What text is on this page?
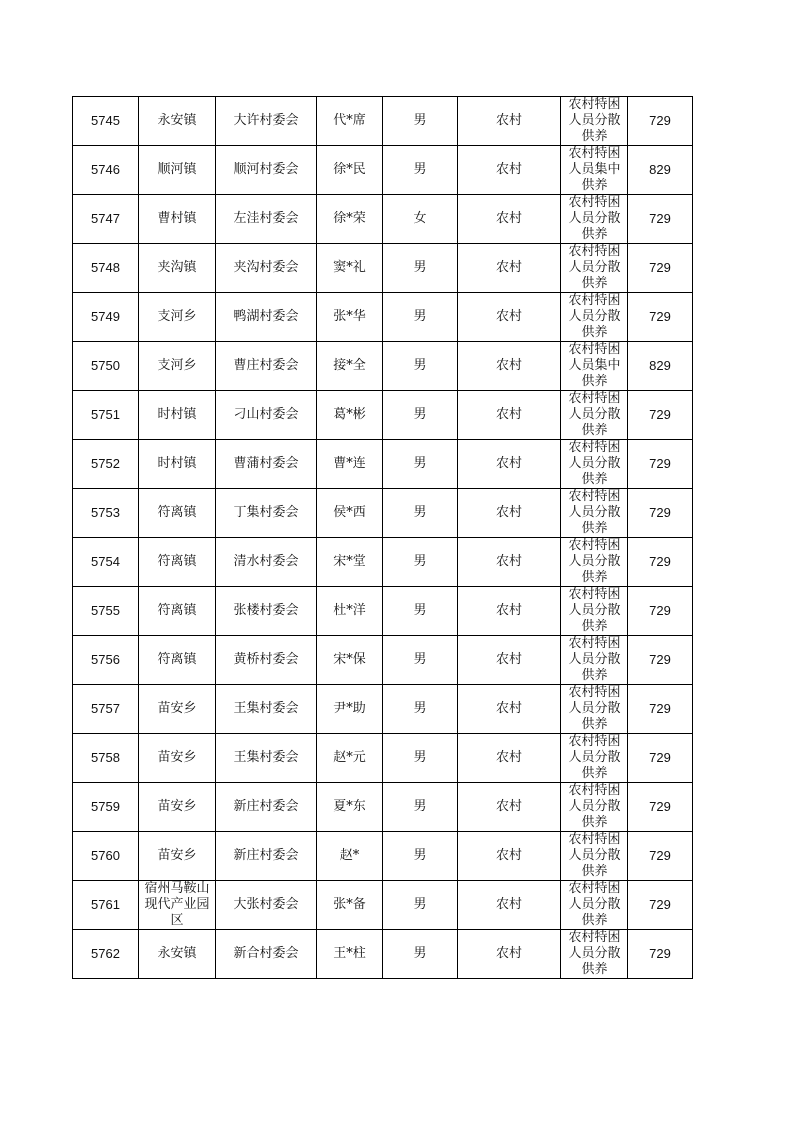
5745	永安镇	大许村委会	代*席	男	农村	农村特困人员分散供养	729
5746	顺河镇	顺河村委会	徐*民	男	农村	农村特困人员集中供养	829
5747	曹村镇	左洼村委会	徐*荣	女	农村	农村特困人员分散供养	729
5748	夹沟镇	夹沟村委会	窦*礼	男	农村	农村特困人员分散供养	729
5749	支河乡	鸭湖村委会	张*华	男	农村	农村特困人员分散供养	729
5750	支河乡	曹庄村委会	接*全	男	农村	农村特困人员集中供养	829
5751	时村镇	刁山村委会	葛*彬	男	农村	农村特困人员分散供养	729
5752	时村镇	曹蒲村委会	曹*连	男	农村	农村特困人员分散供养	729
5753	符离镇	丁集村委会	侯*西	男	农村	农村特困人员分散供养	729
5754	符离镇	清水村委会	宋*堂	男	农村	农村特困人员分散供养	729
5755	符离镇	张楼村委会	杜*洋	男	农村	农村特困人员分散供养	729
5756	符离镇	黄桥村委会	宋*保	男	农村	农村特困人员分散供养	729
5757	苗安乡	王集村委会	尹*助	男	农村	农村特困人员分散供养	729
5758	苗安乡	王集村委会	赵*元	男	农村	农村特困人员分散供养	729
5759	苗安乡	新庄村委会	夏*东	男	农村	农村特困人员分散供养	729
5760	苗安乡	新庄村委会	赵*	男	农村	农村特困人员分散供养	729
5761	宿州马鞍山现代产业园区	大张村委会	张*备	男	农村	农村特困人员分散供养	729
5762	永安镇	新合村委会	王*柱	男	农村	农村特困人员分散供养	729
